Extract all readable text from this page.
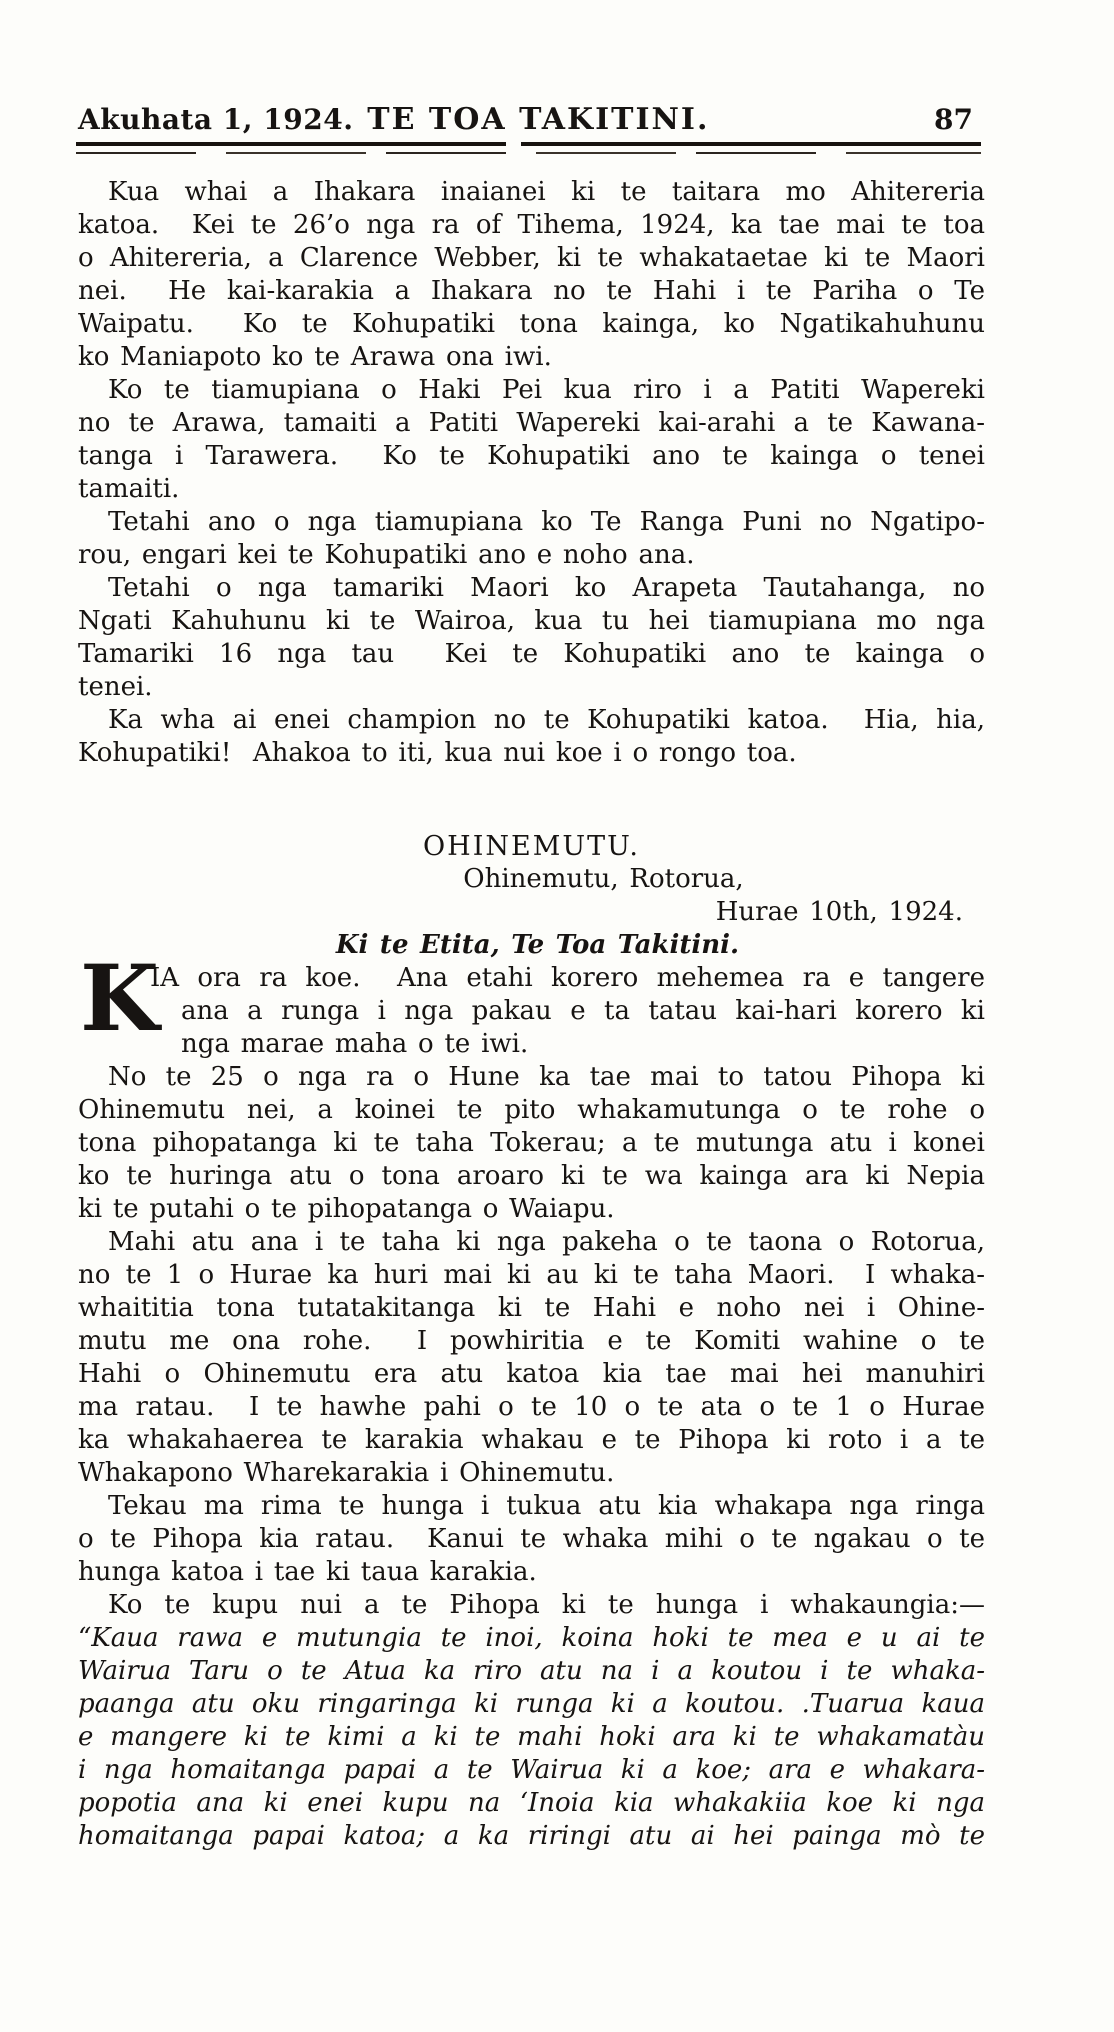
Akuhata 1, 1924. TE TOA TAKITINI.	87
Kua whai a Ihakara inaianei ki te taitara mo Ahitereria
katoa.  Kei te 26’o nga ra of Tihema, 1924, ka tae mai te toa
o Ahitereria, a Clarence Webber, ki te whakataetae ki te Maori
nei.  He kai-karakia a Ihakara no te Hahi i te Pariha o Te
Waipatu.  Ko te Kohupatiki tona kainga, ko Ngatikahuhunu
ko Maniapoto ko te Arawa ona iwi.
Ko te tiamupiana o Haki Pei kua riro i a Patiti Wapereki
no te Arawa, tamaiti a Patiti Wapereki kai-arahi a te Kawana-
tanga i Tarawera.  Ko te Kohupatiki ano te kainga o tenei
tamaiti.
Tetahi ano o nga tiamupiana ko Te Ranga Puni no Ngatipo-
rou, engari kei te Kohupatiki ano e noho ana.
Tetahi o nga tamariki Maori ko Arapeta Tautahanga, no
Ngati Kahuhunu ki te Wairoa, kua tu hei tiamupiana mo nga
Tamariki 16 nga tau  Kei te Kohupatiki ano te kainga o
tenei.
Ka wha ai enei champion no te Kohupatiki katoa.  Hia, hia,
Kohupatiki!  Ahakoa to iti, kua nui koe i o rongo toa.
OHINEMUTU.
Ohinemutu, Rotorua,
Hurae 10th, 1924.
Ki te Etita, Te Toa Takitini.
K
IA ora ra koe.  Ana etahi korero mehemea ra e tangere
ana a runga i nga pakau e ta tatau kai-hari korero ki
nga marae maha o te iwi.
No te 25 o nga ra o Hune ka tae mai to tatou Pihopa ki
Ohinemutu nei, a koinei te pito whakamutunga o te rohe o
tona pihopatanga ki te taha Tokerau; a te mutunga atu i konei
ko te huringa atu o tona aroaro ki te wa kainga ara ki Nepia
ki te putahi o te pihopatanga o Waiapu.
Mahi atu ana i te taha ki nga pakeha o te taona o Rotorua,
no te 1 o Hurae ka huri mai ki au ki te taha Maori.  I whaka-
whaititia tona tutatakitanga ki te Hahi e noho nei i Ohine-
mutu me ona rohe.  I powhiritia e te Komiti wahine o te
Hahi o Ohinemutu era atu katoa kia tae mai hei manuhiri
ma ratau.  I te hawhe pahi o te 10 o te ata o te 1 o Hurae
ka whakahaerea te karakia whakau e te Pihopa ki roto i a te
Whakapono Wharekarakia i Ohinemutu.
Tekau ma rima te hunga i tukua atu kia whakapa nga ringa
o te Pihopa kia ratau.  Kanui te whaka mihi o te ngakau o te
hunga katoa i tae ki taua karakia.
Ko te kupu nui a te Pihopa ki te hunga i whakaungia:—
“Kaua rawa e mutungia te inoi, koina hoki te mea e u ai te
Wairua Taru o te Atua ka riro atu na i a koutou i te whaka-
paanga atu oku ringaringa ki runga ki a koutou. .Tuarua kaua
e mangere ki te kimi a ki te mahi hoki ara ki te whakamatàu
i nga homaitanga papai a te Wairua ki a koe; ara e whakara-
popotia ana ki enei kupu na ‘Inoia kia whakakiia koe ki nga
homaitanga papai katoa; a ka riringi atu ai hei painga mò te
